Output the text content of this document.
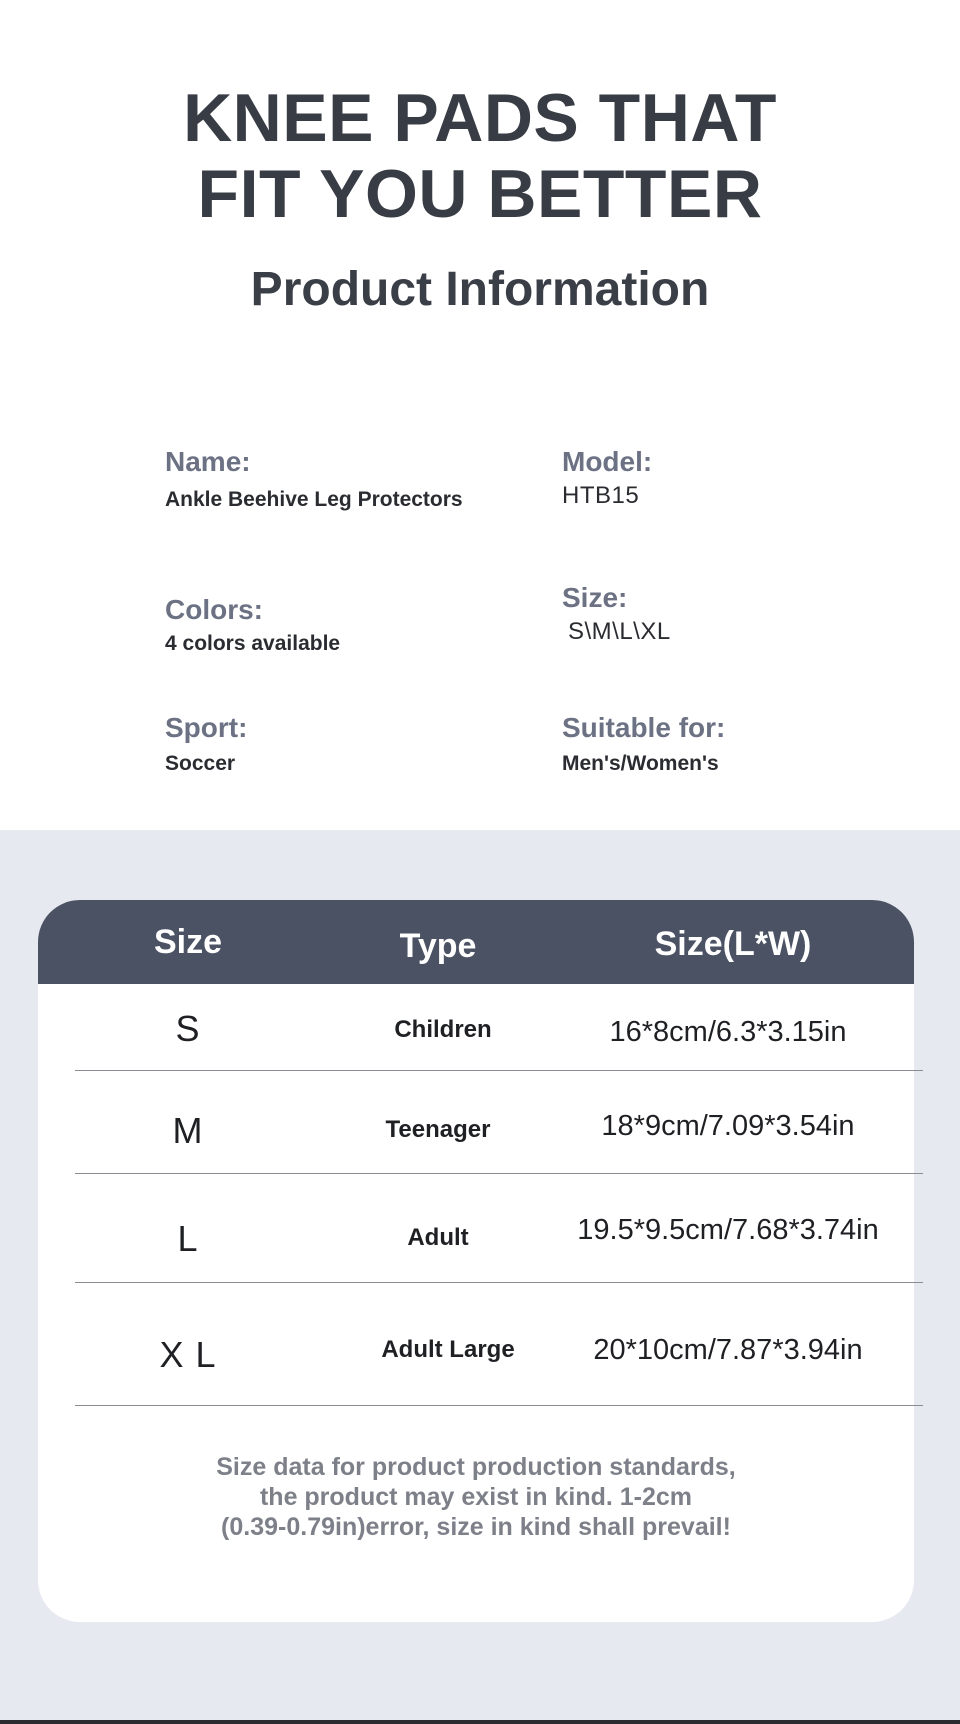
KNEE PADS THAT
FIT YOU BETTER
Product Information
Name:
Ankle Beehive Leg Protectors
Model:
HTB15
Colors:
4 colors available
Size:
S\M\L\XL
Sport:
Soccer
Suitable for:
Men's/Women's
Size	Type	Size(L*W)
S	Children	16*8cm/6.3*3.15in
M	Teenager	18*9cm/7.09*3.54in
L	Adult	19.5*9.5cm/7.68*3.74in
X L	Adult Large	20*10cm/7.87*3.94in
Size data for product production standards,
the product may exist in kind. 1-2cm
(0.39-0.79in)error, size in kind shall prevail!
